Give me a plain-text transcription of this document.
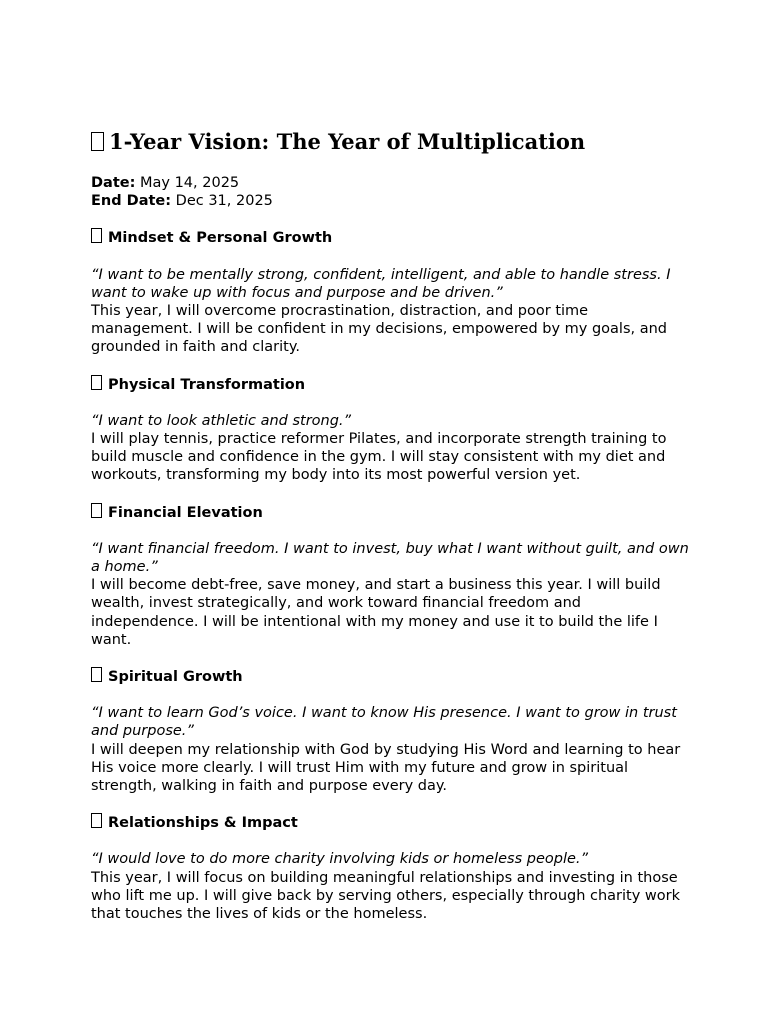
1-Year Vision: The Year of Multiplication

Date: May 14, 2025

End Date: Dec 31, 2025

Mindset & Personal Growth

“I want to be mentally strong, confident, intelligent, and able to handle stress. I want to wake up with focus and purpose and be driven.”

This year, I will overcome procrastination, distraction, and poor time management. I will be confident in my decisions, empowered by my goals, and grounded in faith and clarity.

Physical Transformation

“I want to look athletic and strong.”

I will play tennis, practice reformer Pilates, and incorporate strength training to build muscle and confidence in the gym. I will stay consistent with my diet and workouts, transforming my body into its most powerful version yet.

Financial Elevation

“I want financial freedom. I want to invest, buy what I want without guilt, and own a home.”

I will become debt-free, save money, and start a business this year. I will build wealth, invest strategically, and work toward financial freedom and independence. I will be intentional with my money and use it to build the life I want.

Spiritual Growth

“I want to learn God’s voice. I want to know His presence. I want to grow in trust and purpose.”

I will deepen my relationship with God by studying His Word and learning to hear His voice more clearly. I will trust Him with my future and grow in spiritual strength, walking in faith and purpose every day.

Relationships & Impact

“I would love to do more charity involving kids or homeless people.”

This year, I will focus on building meaningful relationships and investing in those who lift me up. I will give back by serving others, especially through charity work that touches the lives of kids or the homeless.
